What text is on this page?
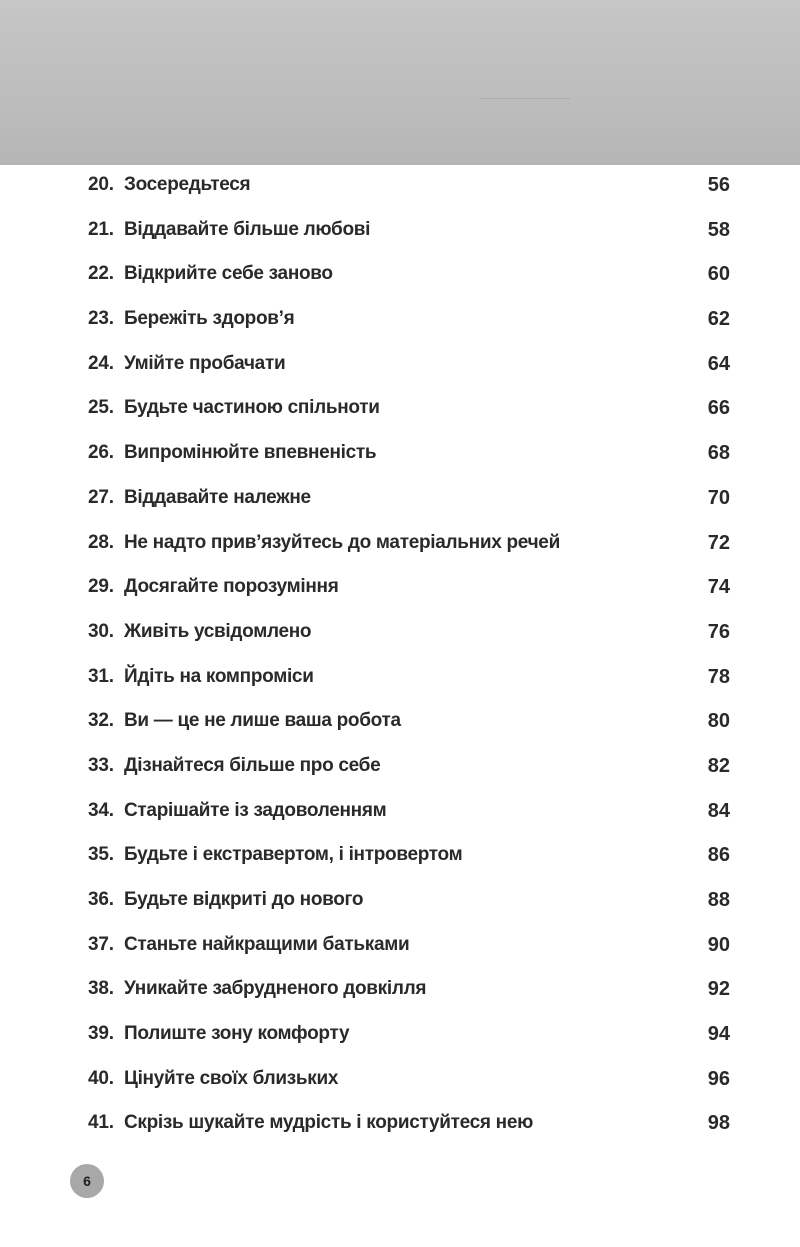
20. Зосередьтеся	56
21. Віддавайте більше любові	58
22. Відкрийте себе заново	60
23. Бережіть здоров’я	62
24. Умійте пробачати	64
25. Будьте частиною спільноти	66
26. Випромінюйте впевненість	68
27. Віддавайте належне	70
28. Не надто прив’язуйтесь до матеріальних речей	72
29. Досягайте порозуміння	74
30. Живіть усвідомлено	76
31. Йдіть на компроміси	78
32. Ви — це не лише ваша робота	80
33. Дізнайтеся більше про себе	82
34. Старішайте із задоволенням	84
35. Будьте і екстравертом, і інтровертом	86
36. Будьте відкриті до нового	88
37. Станьте найкращими батьками	90
38. Уникайте забрудненого довкілля	92
39. Полиште зону комфорту	94
40. Цінуйте своїх близьких	96
41. Скрізь шукайте мудрість і користуйтеся нею	98
6
